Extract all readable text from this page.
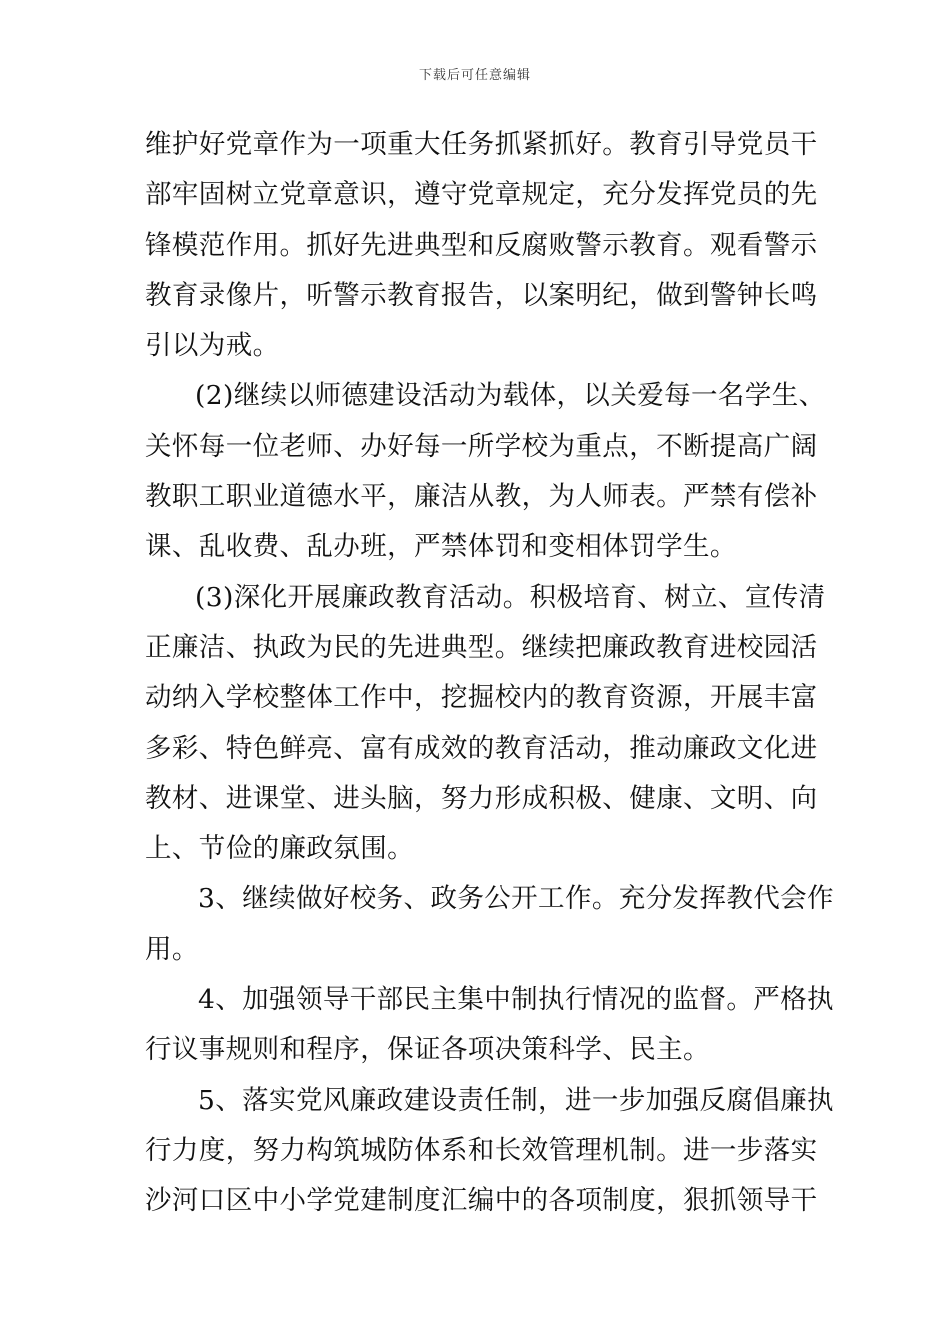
下载后可任意编辑
维护好党章作为一项重大任务抓紧抓好。教育引导党员干
部牢固树立党章意识，遵守党章规定，充分发挥党员的先
锋模范作用。抓好先进典型和反腐败警示教育。观看警示
教育录像片，听警示教育报告，以案明纪，做到警钟长鸣
引以为戒。
(2)继续以师德建设活动为载体，以关爱每一名学生、
关怀每一位老师、办好每一所学校为重点，不断提高广阔
教职工职业道德水平，廉洁从教，为人师表。严禁有偿补
课、乱收费、乱办班，严禁体罚和变相体罚学生。
(3)深化开展廉政教育活动。积极培育、树立、宣传清
正廉洁、执政为民的先进典型。继续把廉政教育进校园活
动纳入学校整体工作中，挖掘校内的教育资源，开展丰富
多彩、特色鲜亮、富有成效的教育活动，推动廉政文化进
教材、进课堂、进头脑，努力形成积极、健康、文明、向
上、节俭的廉政氛围。
3、继续做好校务、政务公开工作。充分发挥教代会作
用。
4、加强领导干部民主集中制执行情况的监督。严格执
行议事规则和程序，保证各项决策科学、民主。
5、落实党风廉政建设责任制，进一步加强反腐倡廉执
行力度，努力构筑城防体系和长效管理机制。进一步落实
沙河口区中小学党建制度汇编中的各项制度，狠抓领导干
